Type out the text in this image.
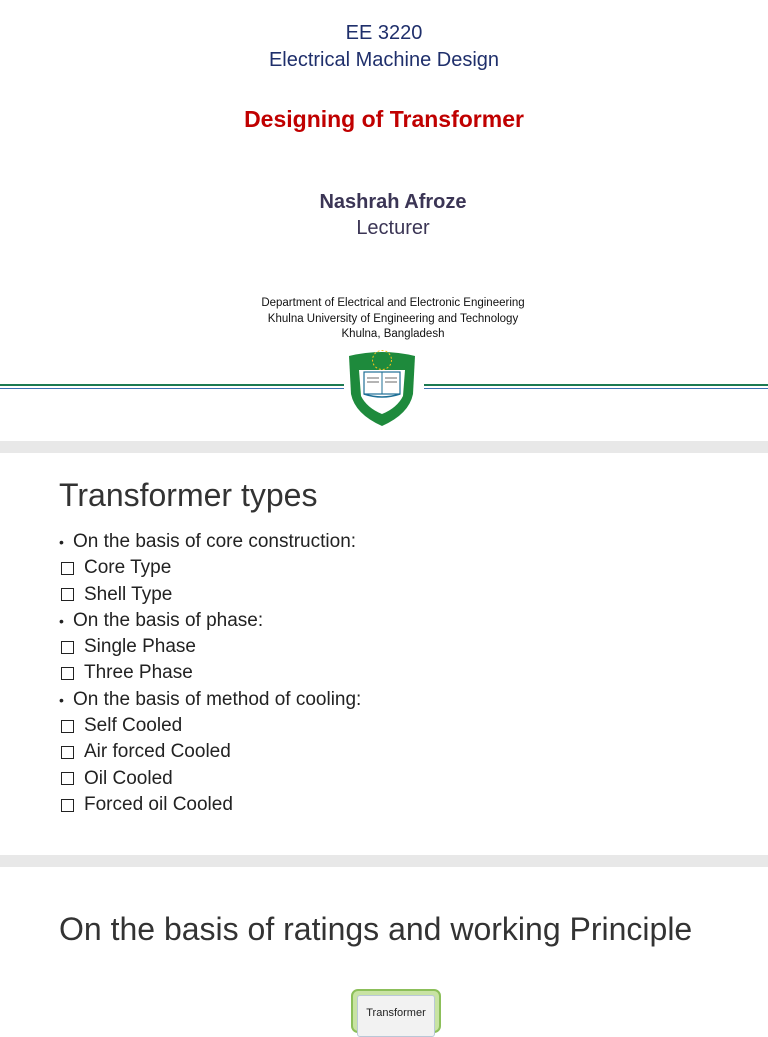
EE 3220
Electrical Machine Design
Designing of Transformer
Nashrah Afroze
Lecturer
Department of Electrical and Electronic Engineering
Khulna University of Engineering and Technology
Khulna, Bangladesh
Transformer types
• On the basis of core construction:
Core Type
Shell Type
• On the basis of phase:
Single Phase
Three Phase
• On the basis of method of cooling:
Self Cooled
Air forced Cooled
Oil Cooled
Forced oil Cooled
On the basis of ratings and working Principle
Transformer
